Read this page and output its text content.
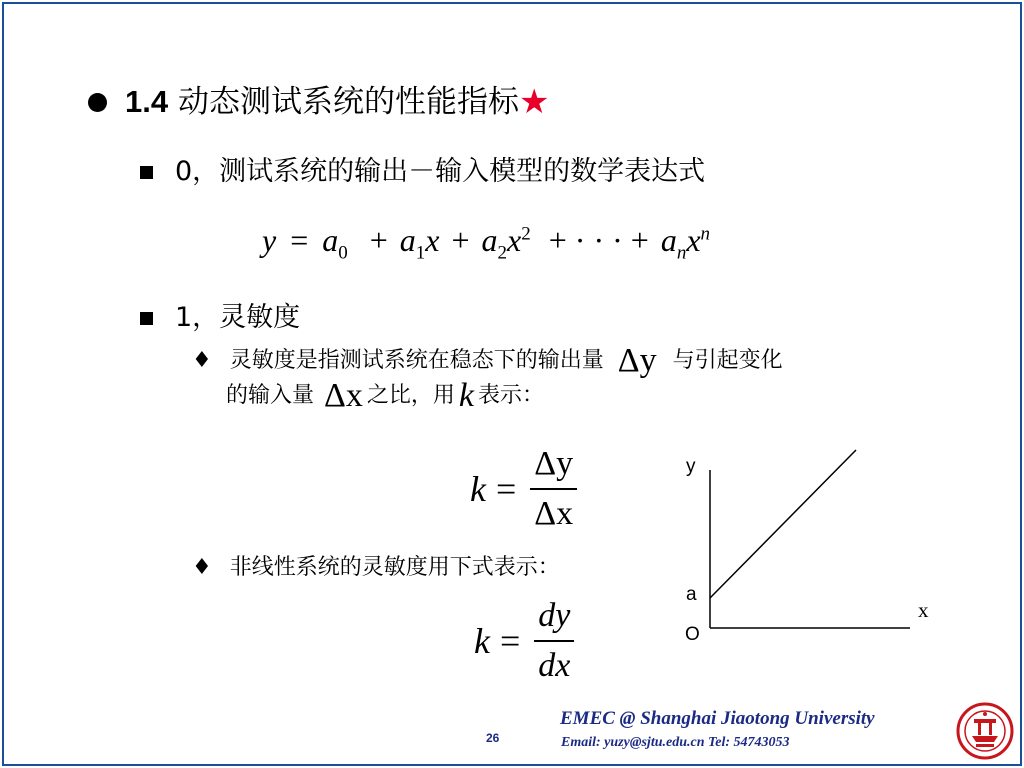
1.4 动态测试系统的性能指标 ★
0，测试系统的输出－输入模型的数学表达式
$y = a_0 + a_1x + a_2x^2$ + · · · + $a_nx^n$
1，灵敏度
♦ 灵敏度是指测试系统在稳态下的输出量 Δy 与引起变化
的输入量 Δx 之比，用 k 表示：
$k = \frac{\Delta y}{\Delta x}$
♦ 非线性系统的灵敏度用下式表示：
$k = \frac{dy}{dx}$
y
x
a
O
26
EMEC @ Shanghai Jiaotong University
Email: yuzy@sjtu.edu.cn Tel: 54743053
